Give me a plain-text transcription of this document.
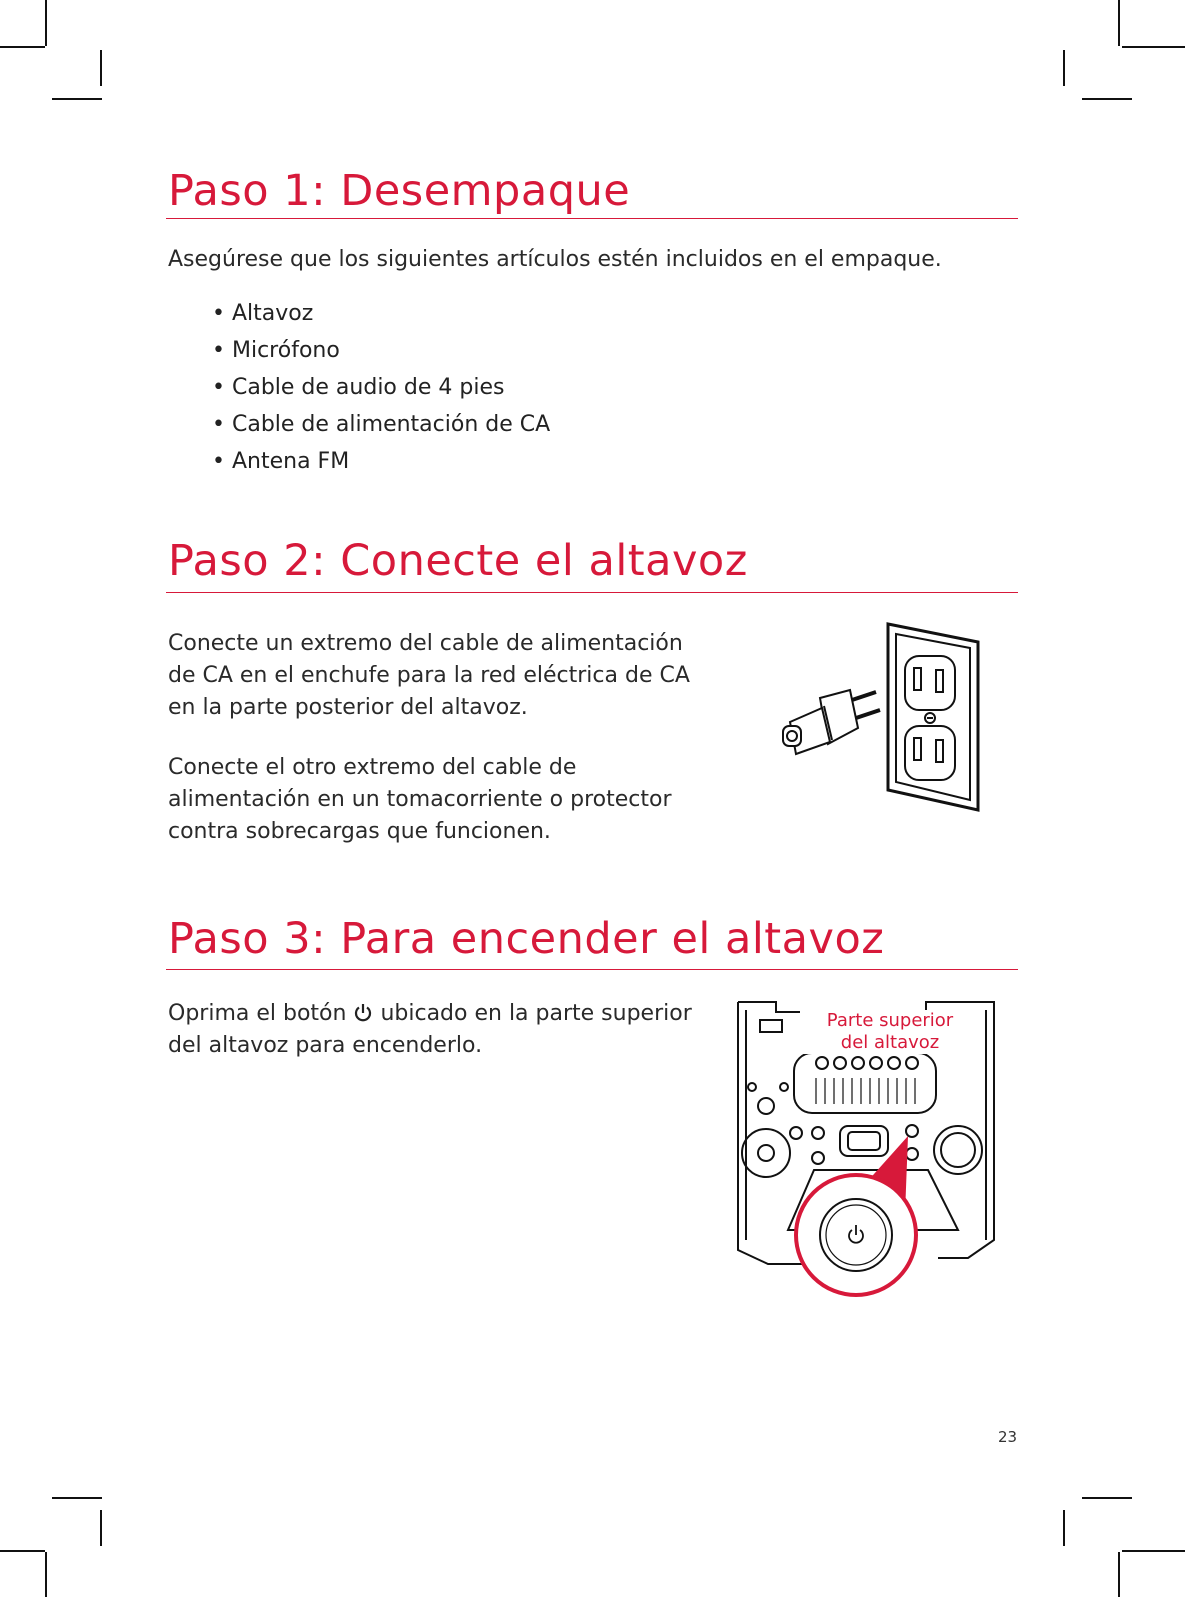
Paso 1: Desempaque

Asegúrese que los siguientes artículos estén incluidos en el empaque.

• Altavoz
• Micrófono
• Cable de audio de 4 pies
• Cable de alimentación de CA
• Antena FM
Paso 2: Conecte el altavoz

Conecte un extremo del cable de alimentación
de CA en el enchufe para la red eléctrica de CA
en la parte posterior del altavoz.

Conecte el otro extremo del cable de
alimentación en un tomacorriente o protector
contra sobrecargas que funcionen.

Paso 3: Para encender el altavoz

Oprima el botón ubicado en la parte superior
del altavoz para encenderlo.

Parte superior
del altavoz
23
